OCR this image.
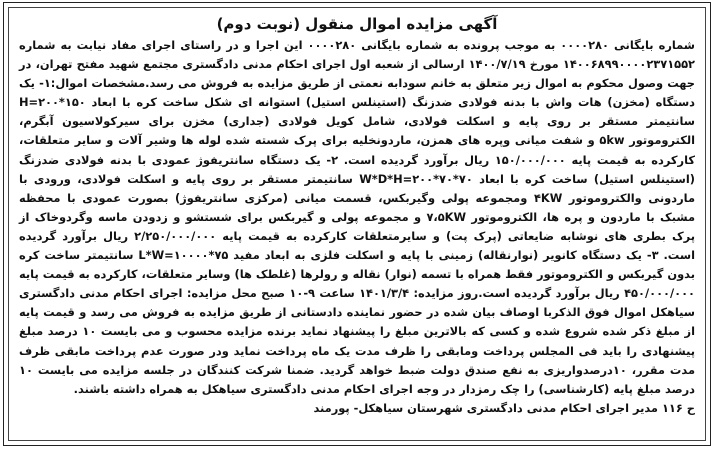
آگهی مزایده اموال منقول (نوبت دوم)
شماره بایگانی ۰۰۰۰۲۸۰ به موجب پرونده به شماره بایگانی ۰۰۰۰۲۸۰ این اجرا و در راستای اجرای مفاد نیابت به شماره ۱۴۰۰۶۸۹۹۰۰۰۰۲۳۷۱۵۵۲ مورخ ۱۴۰۰/۷/۱۹ ارسالی از شعبه اول اجرای احکام مدنی دادگستری مجتمع شهید مفتح تهران، در جهت وصول محکوم به اموال زیر متعلق به خانم سودابه نعمتی از طریق مزایده به فروش می رسد.مشخصات اموال:۱- یک دستگاه (مخزن) هات واش با بدنه فولادی ضدزنگ (استینلس استیل) استوانه ای شکل ساخت کره با ابعاد H=۲۰۰*۱۵۰ سانتیمتر مستقر بر روی پایه و اسکلت فولادی، شامل کویل فولادی (جداری) مخزن برای سیرکولاسیون آبگرم، الکتروموتور ۵kw و شفت میانی وپره های همزن، ماردونخلیه برای پرک شسته شده لوله ها وشیر آلات و سایر متعلقات، کارکرده به قیمت پایه ۱۵۰/۰۰۰/۰۰۰ ریال برآورد گردیده است. ۲- یک دستگاه سانتریفوژ عمودی با بدنه فولادی ضدزنگ (استینلس استیل) ساخت کره با ابعاد W*D*H=۲۰۰*۷۰*۷۰ سانتیمتر مستقر بر روی پایه و اسکلت فولادی، ورودی با ماردونی والکتروموتور ۴KW ومجموعه پولی وگیربکس، قسمت میانی (مرکزی سانتریفوژ) بصورت عمودی با محفظه مشبک با ماردون و پره ها، الکتروموتور ۷،۵KW و مجموعه پولی و گیربکس برای شستشو و زدودن ماسه وگردوخاک از پرک بطری های نوشابه ضایعاتی (پرک پت) و سایرمتعلقات کارکرده به قیمت پایه ۲/۲۵۰/۰۰۰/۰۰۰ ریال برآورد گردیده است. ۳- یک دستگاه کانویر (نوارنقاله) زمینی با پایه و اسکلت فلزی به ابعاد مفید L*W=۱۰۰۰۰*۷۵ سانتیمتر ساخت کره بدون گیربکس و الکتروموتور فقط همراه با تسمه (نوار) نقاله و رولرها (غلطک ها) وسایر متعلقات، کارکرده به قیمت پایه ۴۵۰/۰۰۰/۰۰۰ ریال برآورد گردیده است.روز مزایده: ۱۴۰۱/۳/۴ ساعت ۹-۱۰ صبح محل مزایده: اجرای احکام مدنی دادگستری سیاهکل اموال فوق الذکربا اوصاف بیان شده در حضور نماینده دادستانی از طریق مزایده به فروش می رسد و قیمت پایه از مبلغ ذکر شده شروع شده و کسی که بالاترین مبلغ را پیشنهاد نماید برنده مزایده محسوب و می بایست ۱۰ درصد مبلغ پیشنهادی را باید فی المجلس پرداخت ومابقی را ظرف مدت یک ماه پرداخت نماید ودر صورت عدم پرداخت مابقی ظرف مدت مقرر، ۱۰درصدواریزی به نفع صندق دولت ضبط خواهد گردید. ضمنا شرکت کنندگان در جلسه مزایده می بایست ۱۰ درصد مبلغ پایه (کارشناسی) را چک رمزدار در وجه اجرای احکام مدنی دادگستری سیاهکل به همراه داشته باشند.
ح ۱۱۶ مدیر اجرای احکام مدنی دادگستری شهرستان سیاهکل- پورمند
